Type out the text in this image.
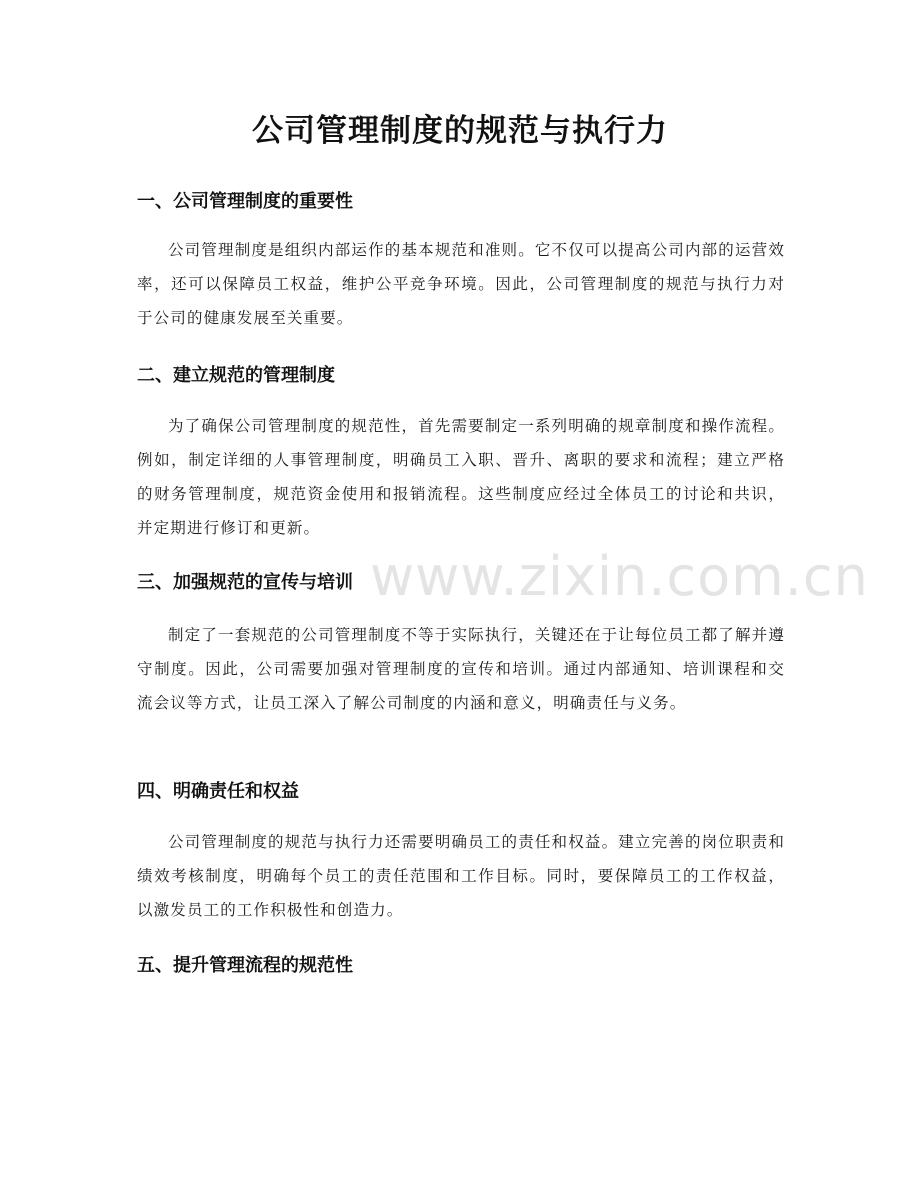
公司管理制度的规范与执行力
一、公司管理制度的重要性

公司管理制度是组织内部运作的基本规范和准则。它不仅可以提高公司内部的运营效率，还可以保障员工权益，维护公平竞争环境。因此，公司管理制度的规范与执行力对于公司的健康发展至关重要。

二、建立规范的管理制度

为了确保公司管理制度的规范性，首先需要制定一系列明确的规章制度和操作流程。例如，制定详细的人事管理制度，明确员工入职、晋升、离职的要求和流程；建立严格的财务管理制度，规范资金使用和报销流程。这些制度应经过全体员工的讨论和共识，并定期进行修订和更新。

三、加强规范的宣传与培训

制定了一套规范的公司管理制度不等于实际执行，关键还在于让每位员工都了解并遵守制度。因此，公司需要加强对管理制度的宣传和培训。通过内部通知、培训课程和交流会议等方式，让员工深入了解公司制度的内涵和意义，明确责任与义务。

四、明确责任和权益

公司管理制度的规范与执行力还需要明确员工的责任和权益。建立完善的岗位职责和绩效考核制度，明确每个员工的责任范围和工作目标。同时，要保障员工的工作权益，以激发员工的工作积极性和创造力。

五、提升管理流程的规范性
www.zixin.com.cn
